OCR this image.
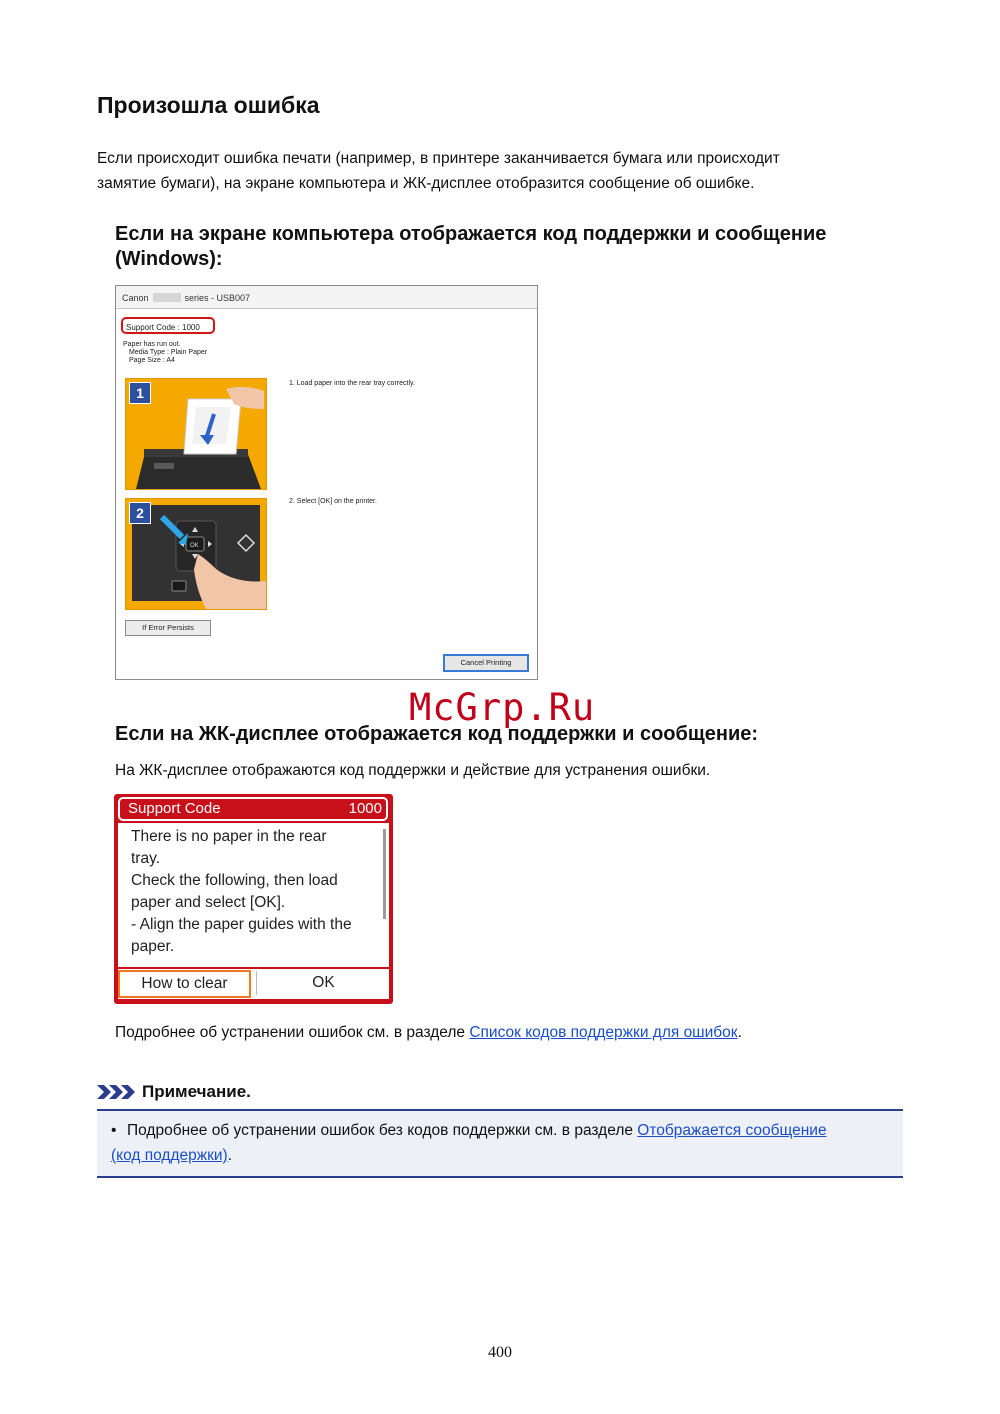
Произошла ошибка
Если происходит ошибка печати (например, в принтере заканчивается бумага или происходит
замятие бумаги), на экране компьютера и ЖК-дисплее отобразится сообщение об ошибке.
Если на экране компьютера отображается код поддержки и сообщение
(Windows):
Canon	series - USB007
Support Code : 1000
Paper has run out.
Media Type : Plain Paper
Page Size : A4
1
1. Load paper into the rear tray correctly.
OK
2
2. Select [OK] on the printer.
If Error Persists
Cancel Printing
McGrp.Ru
Если на ЖК-дисплее отображается код поддержки и сообщение:
На ЖК-дисплее отображаются код поддержки и действие для устранения ошибки.
Support Code	1000
There is no paper in the rear
tray.
Check the following, then load
paper and select [OK].
- Align the paper guides with the
paper.
How to clear	OK
Подробнее об устранении ошибок см. в разделе Список кодов поддержки для ошибок.
Примечание.
• Подробнее об устранении ошибок без кодов поддержки см. в разделе Отображается сообщение
(код поддержки).
400
